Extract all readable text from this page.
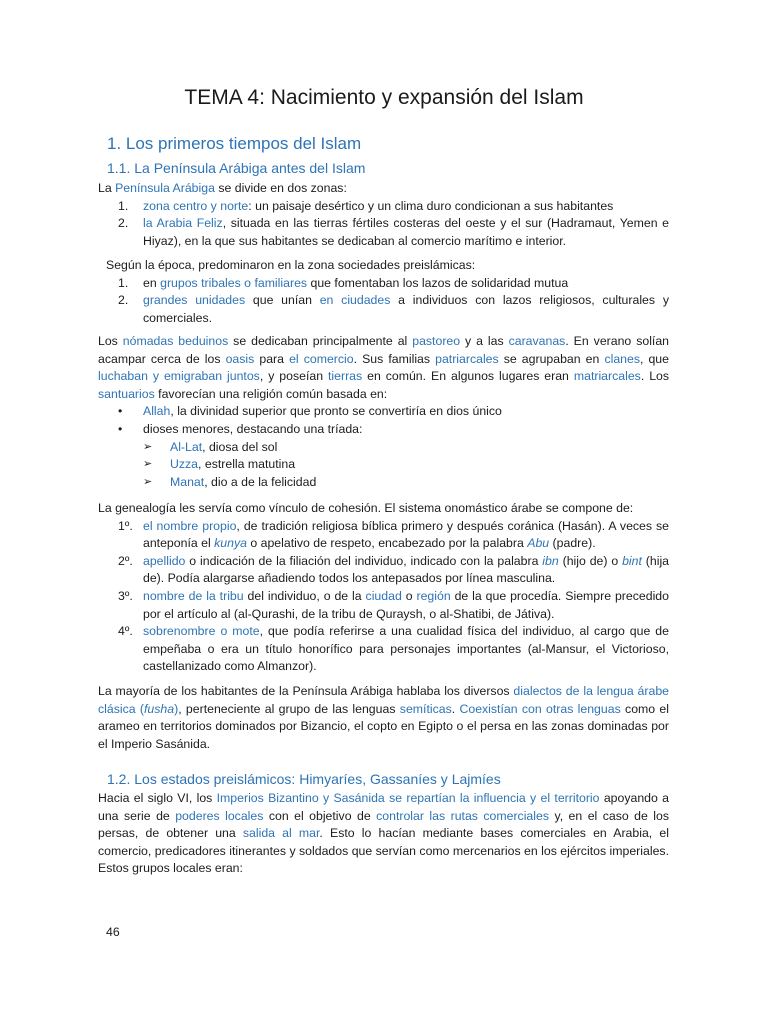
TEMA 4: Nacimiento y expansión del Islam
1. Los primeros tiempos del Islam
1.1. La Península Arábiga antes del Islam

La Península Arábiga se divide en dos zonas:

1. zona centro y norte: un paisaje desértico y un clima duro condicionan a sus habitantes
2. la Arabia Feliz, situada en las tierras fértiles costeras del oeste y el sur (Hadramaut, Yemen e Hiyaz), en la que sus habitantes se dedicaban al comercio marítimo e interior.

Según la época, predominaron en la zona sociedades preislámicas:

1. en grupos tribales o familiares que fomentaban los lazos de solidaridad mutua
2. grandes unidades que unían en ciudades a individuos con lazos religiosos, culturales y comerciales.

Los nómadas beduinos se dedicaban principalmente al pastoreo y a las caravanas. En verano solían acampar cerca de los oasis para el comercio. Sus familias patriarcales se agrupaban en clanes, que luchaban y emigraban juntos, y poseían tierras en común. En algunos lugares eran matriarcales. Los santuarios favorecían una religión común basada en:

• Allah, la divinidad superior que pronto se convertiría en dios único
• dioses menores, destacando una tríada:
➢ Al-Lat, diosa del sol
➢ Uzza, estrella matutina
➢ Manat, dio a de la felicidad

La genealogía les servía como vínculo de cohesión. El sistema onomástico árabe se compone de:

1º. el nombre propio, de tradición religiosa bíblica primero y después coránica (Hasán). A veces se anteponía el kunya o apelativo de respeto, encabezado por la palabra Abu (padre).
2º. apellido o indicación de la filiación del individuo, indicado con la palabra ibn (hijo de) o bint (hija de). Podía alargarse añadiendo todos los antepasados por línea masculina.
3º. nombre de la tribu del individuo, o de la ciudad o región de la que procedía. Siempre precedido por el artículo al (al-Qurashi, de la tribu de Quraysh, o al-Shatibi, de Játiva).
4º. sobrenombre o mote, que podía referirse a una cualidad física del individuo, al cargo que de empeñaba o era un título honorífico para personajes importantes (al-Mansur, el Victorioso, castellanizado como Almanzor).

La mayoría de los habitantes de la Península Arábiga hablaba los diversos dialectos de la lengua árabe clásica (fusha), perteneciente al grupo de las lenguas semíticas. Coexistían con otras lenguas como el arameo en territorios dominados por Bizancio, el copto en Egipto o el persa en las zonas dominadas por el Imperio Sasánida.

1.2. Los estados preislámicos: Himyaríes, Gassaníes y Lajmíes

Hacia el siglo VI, los Imperios Bizantino y Sasánida se repartían la influencia y el territorio apoyando a una serie de poderes locales con el objetivo de controlar las rutas comerciales y, en el caso de los persas, de obtener una salida al mar. Esto lo hacían mediante bases comerciales en Arabia, el comercio, predicadores itinerantes y soldados que servían como mercenarios en los ejércitos imperiales. Estos grupos locales eran:

46
